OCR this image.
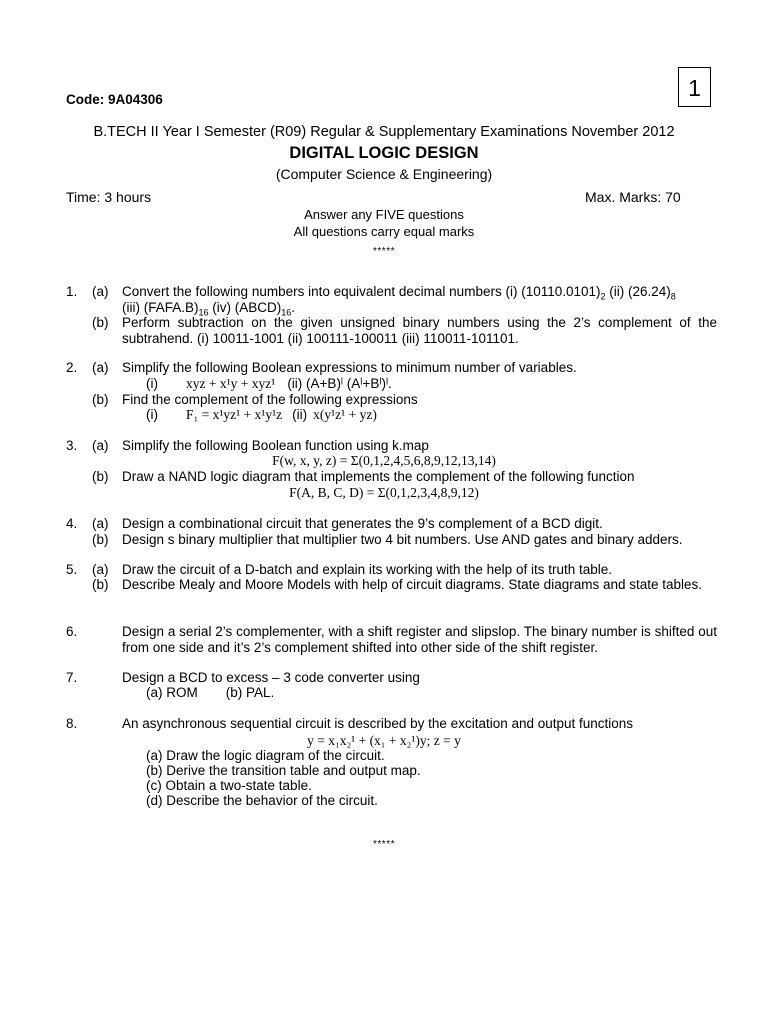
1
Code: 9A04306
B.TECH II Year I Semester (R09) Regular & Supplementary Examinations November 2012
DIGITAL LOGIC DESIGN
(Computer Science & Engineering)
Time: 3 hours	Max. Marks: 70
Answer any FIVE questions
All questions carry equal marks
*****
1. (a) Convert the following numbers into equivalent decimal numbers (i) $(10110.0101)_2$ (ii) $(26.24)_8$
(iii) $(FAFA.B)_{16}$ (iv) $(ABCD)_{16}$.
(b) Perform subtraction on the given unsigned binary numbers using the 2’s complement of the subtrahend. (i) 10011-1001 (ii) 100111-100011 (iii) 110011-101101.
2. (a) Simplify the following Boolean expressions to minimum number of variables.
(i) xyz + x¹y + xyz¹ (ii) (A+B)ˡ (Aˡ+Bˡ)ˡ.
(b) Find the complement of the following expressions
(i) F₁ = x¹yz¹ + x¹y¹z (ii) x(y¹z¹ + yz)
3. (a) Simplify the following Boolean function using k.map
F(w, x, y, z) = Σ(0,1,2,4,5,6,8,9,12,13,14)
(b) Draw a NAND logic diagram that implements the complement of the following function
F(A, B, C, D) = Σ(0,1,2,3,4,8,9,12)
4. (a) Design a combinational circuit that generates the 9’s complement of a BCD digit.
(b) Design s binary multiplier that multiplier two 4 bit numbers. Use AND gates and binary adders.
5. (a) Draw the circuit of a D-batch and explain its working with the help of its truth table.
(b) Describe Mealy and Moore Models with help of circuit diagrams. State diagrams and state tables.
6.	Design a serial 2’s complementer, with a shift register and slipslop. The binary number is shifted out from one side and it’s 2’s complement shifted into other side of the shift register.
7.	Design a BCD to excess – 3 code converter using
(a) ROM (b) PAL.
8.	An asynchronous sequential circuit is described by the excitation and output functions
y = x₁x₂¹ + (x₁ + x₂¹)y; z = y
(a) Draw the logic diagram of the circuit.
(b) Derive the transition table and output map.
(c) Obtain a two-state table.
(d) Describe the behavior of the circuit.
*****
